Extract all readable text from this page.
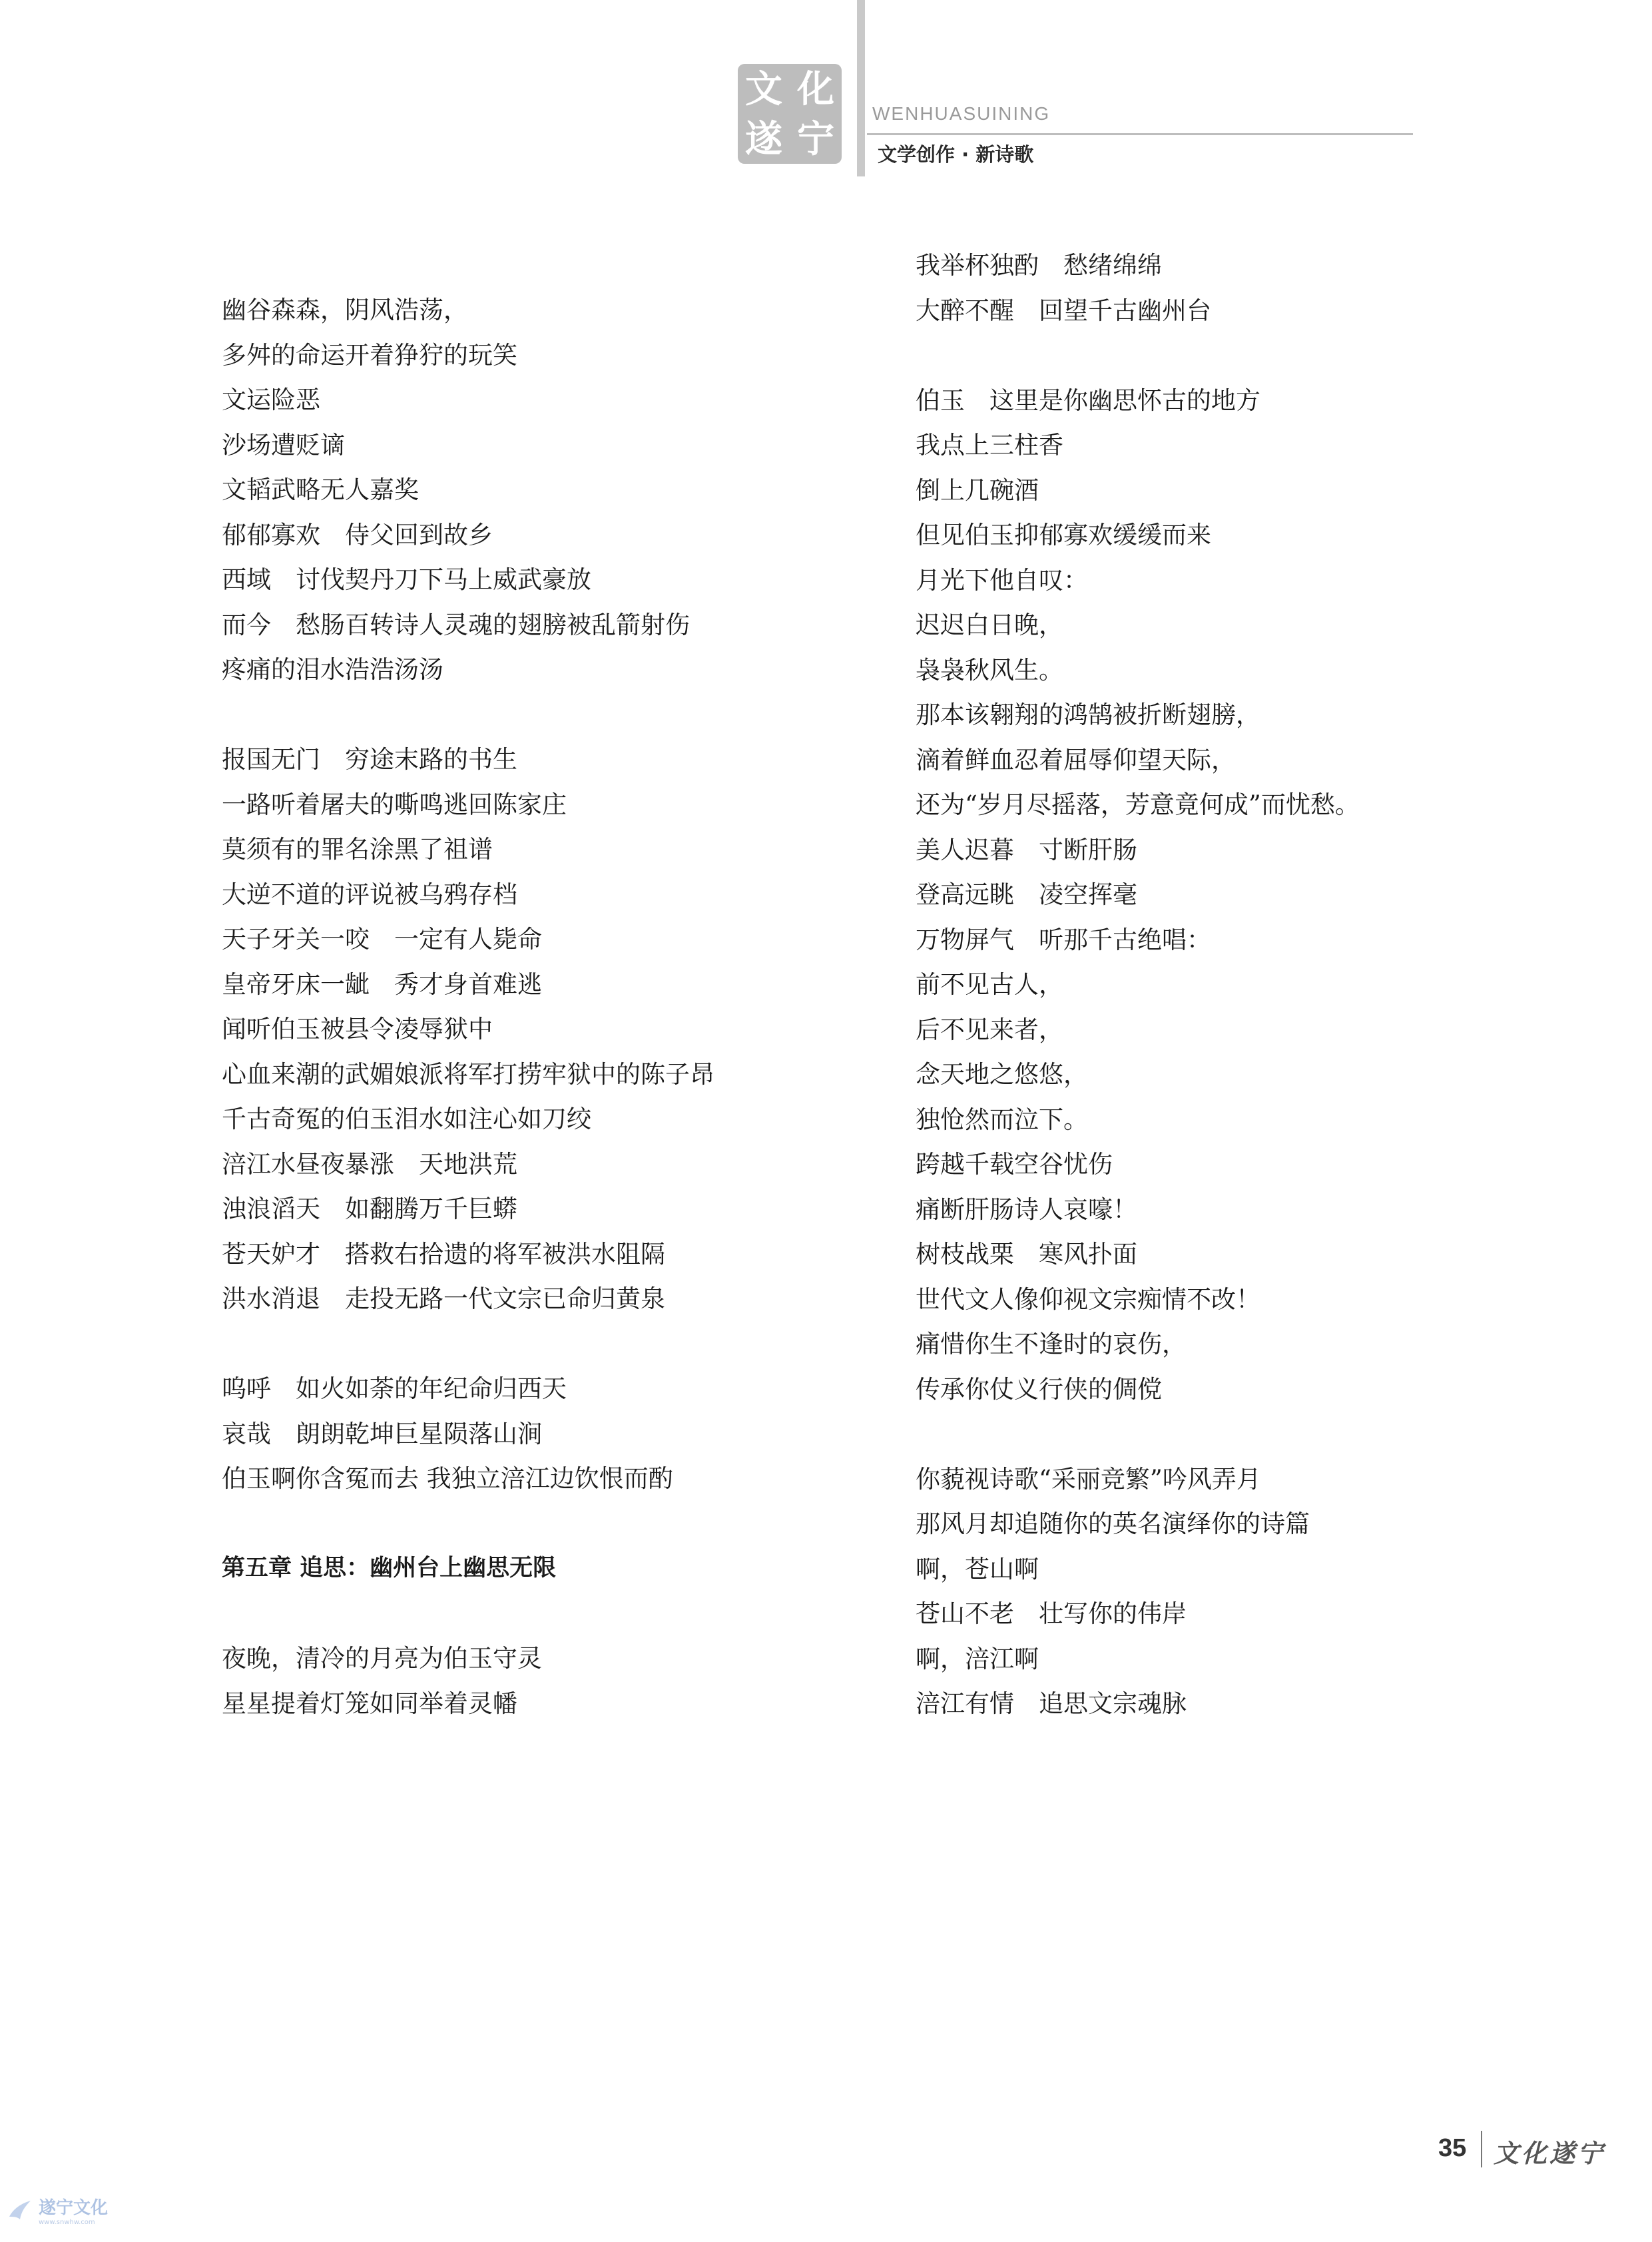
文 化
遂 宁
WENHUASUINING
文学创作 · 新诗歌
幽谷森森，阴风浩荡，
多舛的命运开着狰狞的玩笑
文运险恶
沙场遭贬谪
文韬武略无人嘉奖
郁郁寡欢　侍父回到故乡
西域　讨伐契丹刀下马上威武豪放
而今　愁肠百转诗人灵魂的翅膀被乱箭射伤
疼痛的泪水浩浩汤汤
报国无门　穷途末路的书生
一路听着屠夫的嘶鸣逃回陈家庄
莫须有的罪名涂黑了祖谱
大逆不道的评说被乌鸦存档
天子牙关一咬　一定有人毙命
皇帝牙床一龇　秀才身首难逃
闻听伯玉被县令凌辱狱中
心血来潮的武媚娘派将军打捞牢狱中的陈子昂
千古奇冤的伯玉泪水如注心如刀绞
涪江水昼夜暴涨　天地洪荒
浊浪滔天　如翻腾万千巨蟒
苍天妒才　搭救右拾遗的将军被洪水阻隔
洪水消退　走投无路一代文宗已命归黄泉
呜呼　如火如荼的年纪命归西天
哀哉　朗朗乾坤巨星陨落山涧
伯玉啊你含冤而去 我独立涪江边饮恨而酌
第五章 追思：幽州台上幽思无限
夜晚，清冷的月亮为伯玉守灵
星星提着灯笼如同举着灵幡
我举杯独酌　愁绪绵绵
大醉不醒　回望千古幽州台
伯玉　这里是你幽思怀古的地方
我点上三柱香
倒上几碗酒
但见伯玉抑郁寡欢缓缓而来
月光下他自叹：
迟迟白日晚，
袅袅秋风生。
那本该翱翔的鸿鹄被折断翅膀，
滴着鲜血忍着屈辱仰望天际，
还为“岁月尽摇落，芳意竟何成”而忧愁。
美人迟暮　寸断肝肠
登高远眺　凌空挥毫
万物屏气　听那千古绝唱：
前不见古人，
后不见来者，
念天地之悠悠，
独怆然而泣下。
跨越千载空谷忧伤
痛断肝肠诗人哀嚎！
树枝战栗　寒风扑面
世代文人像仰视文宗痴情不改！
痛惜你生不逢时的哀伤，
传承你仗义行侠的倜傥
你藐视诗歌“采丽竞繁”吟风弄月
那风月却追随你的英名演绎你的诗篇
啊，苍山啊
苍山不老　壮写你的伟岸
啊，涪江啊
涪江有情　追思文宗魂脉
35 文化遂宁
遂宁文化
www.snwhw.com
